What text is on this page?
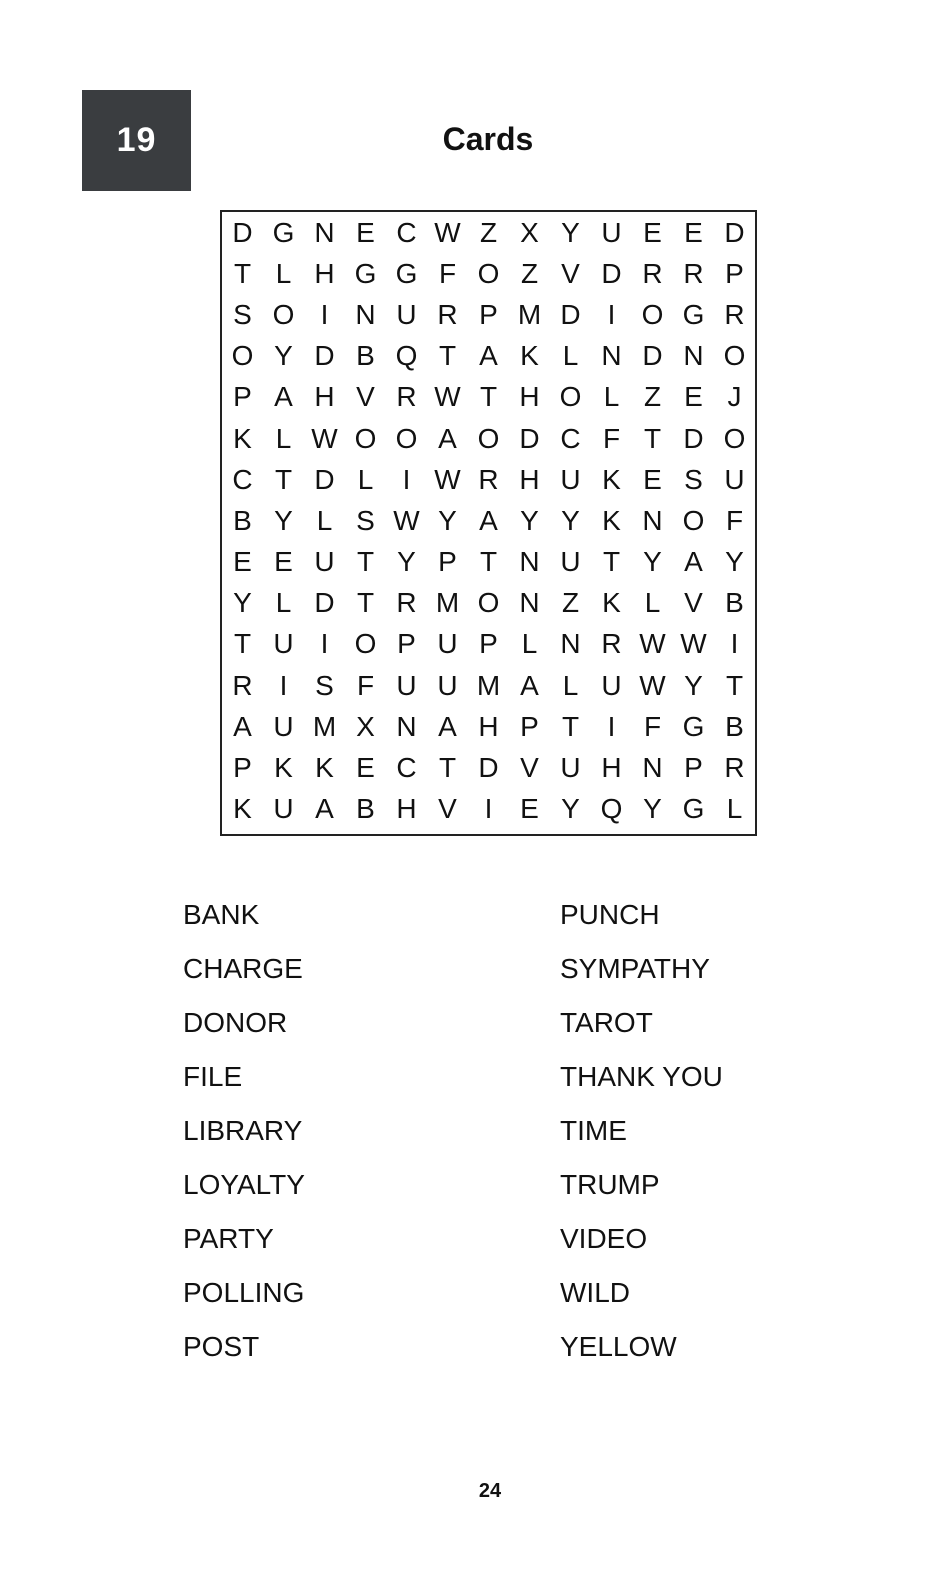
19	Cards
D G N E C W Z X Y U E E D
T L H G G F O Z V D R R P
S O I N U R P M D I O G R
O Y D B Q T A K L N D N O
P A H V R W T H O L Z E J
K L W O O A O D C F T D O
C T D L	I W R H U K E S U
B Y L S W Y A Y Y K N O F
E E U T Y P T N U T Y A Y
Y L D T R M O N Z K L V B
T U I O P U P L N R W W I
R I S F U U M A L U W Y T
A U M X N A H P T	I	F G B
P K K E C T D V U H N P R
K U A B H V I E Y Q Y G L
BANK
CHARGE
DONOR
FILE
LIBRARY
LOYALTY
PARTY
POLLING
POST
PUNCH
SYMPATHY
TAROT
THANK YOU
TIME
TRUMP
VIDEO
WILD
YELLOW
24
